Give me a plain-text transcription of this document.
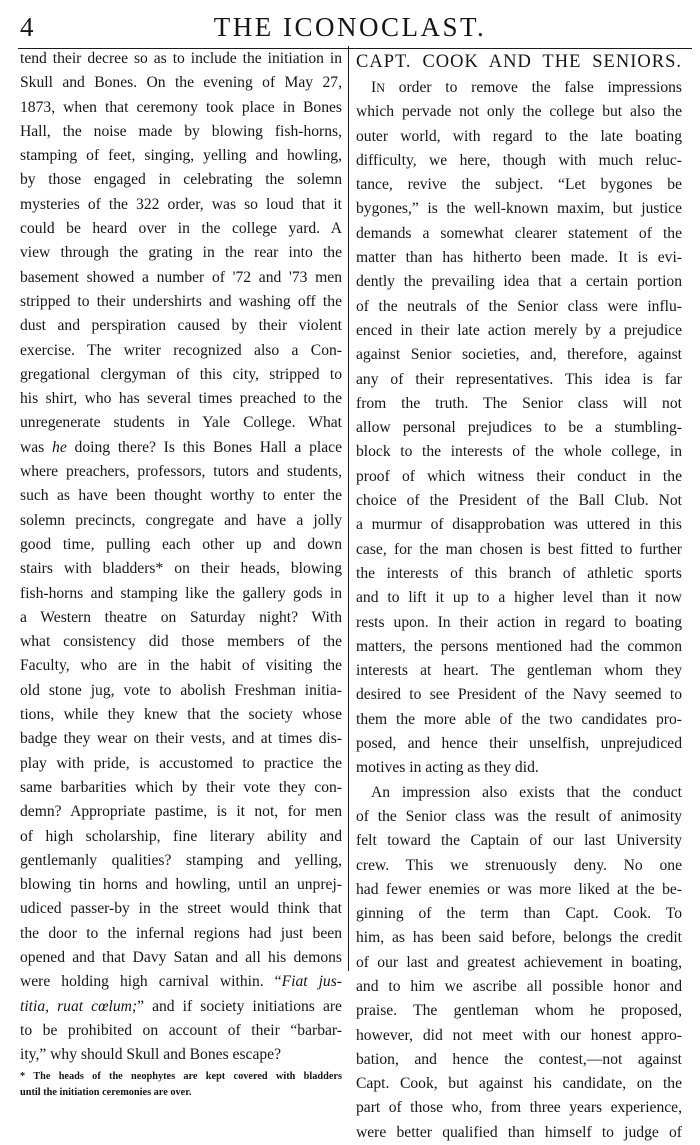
4	THE ICONOCLAST.
tend their decree so as to include the initiation in
Skull and Bones. On the evening of May 27,
1873, when that ceremony took place in Bones
Hall, the noise made by blowing fish-horns,
stamping of feet, singing, yelling and howling,
by those engaged in celebrating the solemn
mysteries of the 322 order, was so loud that it
could be heard over in the college yard. A
view through the grating in the rear into the
basement showed a number of '72 and '73 men
stripped to their undershirts and washing off the
dust and perspiration caused by their violent
exercise. The writer recognized also a Con-
gregational clergyman of this city, stripped to
his shirt, who has several times preached to the
unregenerate students in Yale College. What
was he doing there? Is this Bones Hall a place
where preachers, professors, tutors and students,
such as have been thought worthy to enter the
solemn precincts, congregate and have a jolly
good time, pulling each other up and down
stairs with bladders* on their heads, blowing
fish-horns and stamping like the gallery gods in
a Western theatre on Saturday night? With
what consistency did those members of the
Faculty, who are in the habit of visiting the
old stone jug, vote to abolish Freshman initia-
tions, while they knew that the society whose
badge they wear on their vests, and at times dis-
play with pride, is accustomed to practice the
same barbarities which by their vote they con-
demn? Appropriate pastime, is it not, for men
of high scholarship, fine literary ability and
gentlemanly qualities? stamping and yelling,
blowing tin horns and howling, until an unprej-
udiced passer-by in the street would think that
the door to the infernal regions had just been
opened and that Davy Satan and all his demons
were holding high carnival within. “Fiat jus-
titia, ruat cœlum;” and if society initiations are
to be prohibited on account of their “barbar-
ity,” why should Skull and Bones escape?
* The heads of the neophytes are kept covered with bladders
until the initiation ceremonies are over.
CAPT. COOK AND THE SENIORS.
IN order to remove the false impressions
which pervade not only the college but also the
outer world, with regard to the late boating
difficulty, we here, though with much reluc-
tance, revive the subject. “Let bygones be
bygones,” is the well-known maxim, but justice
demands a somewhat clearer statement of the
matter than has hitherto been made. It is evi-
dently the prevailing idea that a certain portion
of the neutrals of the Senior class were influ-
enced in their late action merely by a prejudice
against Senior societies, and, therefore, against
any of their representatives. This idea is far
from the truth. The Senior class will not
allow personal prejudices to be a stumbling-
block to the interests of the whole college, in
proof of which witness their conduct in the
choice of the President of the Ball Club. Not
a murmur of disapprobation was uttered in this
case, for the man chosen is best fitted to further
the interests of this branch of athletic sports
and to lift it up to a higher level than it now
rests upon. In their action in regard to boating
matters, the persons mentioned had the common
interests at heart. The gentleman whom they
desired to see President of the Navy seemed to
them the more able of the two candidates pro-
posed, and hence their unselfish, unprejudiced
motives in acting as they did.
An impression also exists that the conduct
of the Senior class was the result of animosity
felt toward the Captain of our last University
crew. This we strenuously deny. No one
had fewer enemies or was more liked at the be-
ginning of the term than Capt. Cook. To
him, as has been said before, belongs the credit
of our last and greatest achievement in boating,
and to him we ascribe all possible honor and
praise. The gentleman whom he proposed,
however, did not meet with our honest appro-
bation, and hence the contest,—not against
Capt. Cook, but against his candidate, on the
part of those who, from three years experience,
were better qualified than himself to judge of
